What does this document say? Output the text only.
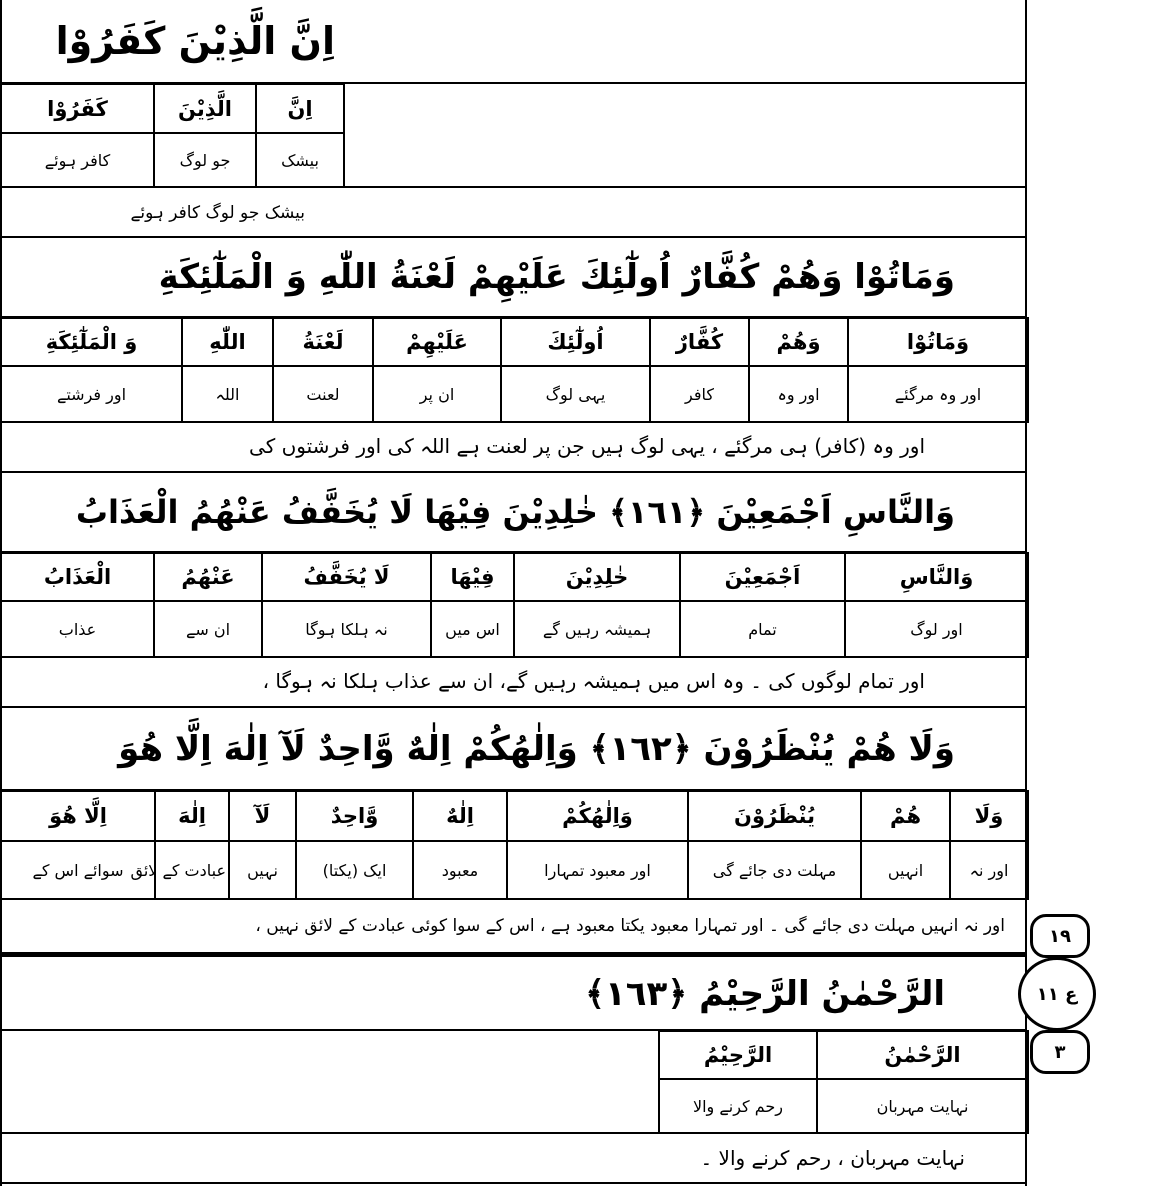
اِنَّ الَّذِيْنَ كَفَرُوْا
اِنَّ	الَّذِيْنَ	كَفَرُوْا
بیشک	جو لوگ	کافر ہوئے
بیشک جو لوگ کافر ہوئے
وَمَاتُوْا وَهُمْ كُفَّارٌ اُولٰٓئِكَ عَلَيْهِمْ لَعْنَةُ اللّٰهِ وَ الْمَلٰٓئِكَةِ
وَمَاتُوْا	وَهُمْ	كُفَّارٌ	اُولٰٓئِكَ	عَلَيْهِمْ	لَعْنَةُ	اللّٰهِ	وَ الْمَلٰٓئِكَةِ
اور وہ مرگئے	اور وہ	کافر	یہی لوگ	ان پر	لعنت	اللہ	اور فرشتے
اور وہ (کافر) ہی مرگئے ، یہی لوگ ہیں جن پر لعنت ہے اللہ کی اور فرشتوں کی
وَالنَّاسِ اَجْمَعِيْنَ ﴿١٦١﴾ خٰلِدِيْنَ فِيْهَا لَا يُخَفَّفُ عَنْهُمُ الْعَذَابُ
وَالنَّاسِ	اَجْمَعِيْنَ	خٰلِدِيْنَ	فِيْهَا	لَا يُخَفَّفُ	عَنْهُمُ	الْعَذَابُ
اور لوگ	تمام	ہمیشہ رہیں گے	اس میں	نہ ہلکا ہوگا	ان سے	عذاب
اور تمام لوگوں کی ۔ وہ اس میں ہمیشہ رہیں گے، ان سے عذاب ہلکا نہ ہوگا ،
وَلَا هُمْ يُنْظَرُوْنَ ﴿١٦٢﴾ وَاِلٰهُكُمْ اِلٰهٌ وَّاحِدٌ لَآ اِلٰهَ اِلَّا هُوَ
وَلَا	هُمْ	يُنْظَرُوْنَ	وَاِلٰهُكُمْ	اِلٰهٌ	وَّاحِدٌ	لَآ	اِلٰهَ	اِلَّا هُوَ
اور نہ	انہیں	مہلت دی جائے گی	اور معبود تمہارا	معبود	ایک (یکتا)	نہیں	عبادت کے لائق	سوائے اس کے
اور نہ انہیں مہلت دی جائے گی ۔ اور تمہارا معبود یکتا معبود ہے ، اس کے سوا کوئی عبادت کے لائق نہیں ،
الرَّحْمٰنُ الرَّحِيْمُ ﴿١٦٣﴾
الرَّحْمٰنُ	الرَّحِيْمُ
نہایت مہربان	رحم کرنے والا
نہایت مہربان ، رحم کرنے والا ۔
١٩
ع ١١
٣
